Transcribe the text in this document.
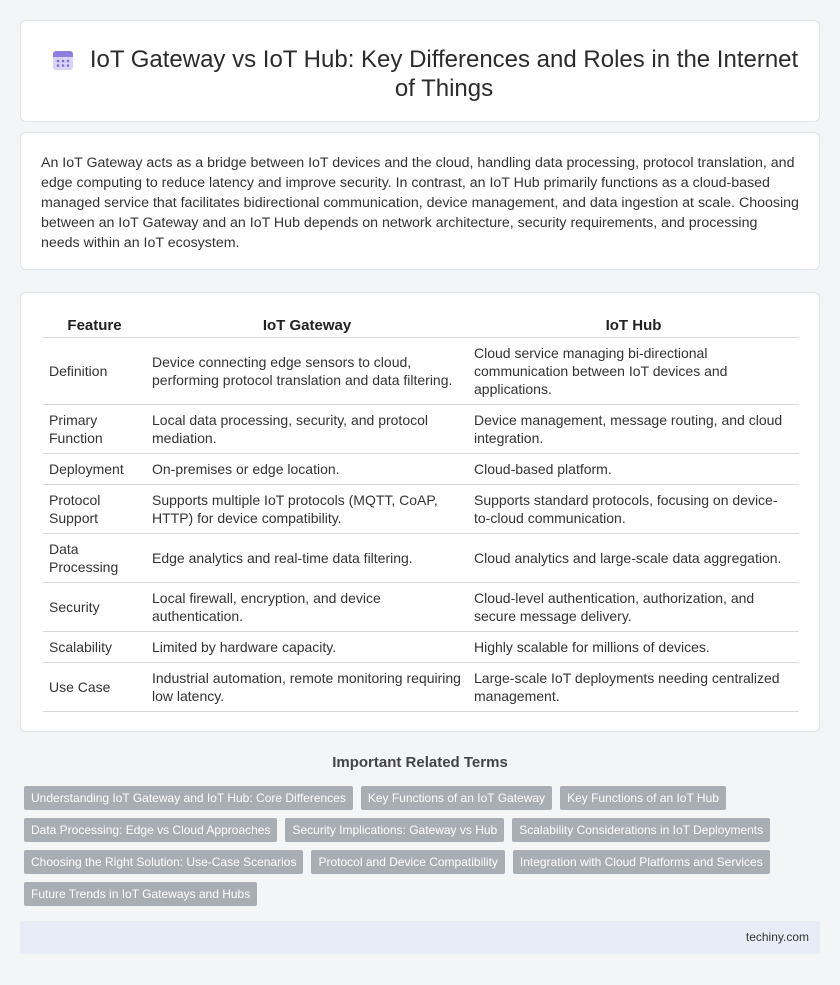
IoT Gateway vs IoT Hub: Key Differences and Roles in the Internet of Things

An IoT Gateway acts as a bridge between IoT devices and the cloud, handling data processing, protocol translation, and edge computing to reduce latency and improve security. In contrast, an IoT Hub primarily functions as a cloud-based managed service that facilitates bidirectional communication, device management, and data ingestion at scale. Choosing between an IoT Gateway and an IoT Hub depends on network architecture, security requirements, and processing needs within an IoT ecosystem.

Feature	IoT Gateway	IoT Hub
Definition	Device connecting edge sensors to cloud, performing protocol translation and data filtering.	Cloud service managing bi-directional communication between IoT devices and applications.
Primary Function	Local data processing, security, and protocol mediation.	Device management, message routing, and cloud integration.
Deployment	On-premises or edge location.	Cloud-based platform.
Protocol Support	Supports multiple IoT protocols (MQTT, CoAP, HTTP) for device compatibility.	Supports standard protocols, focusing on device-to-cloud communication.
Data Processing	Edge analytics and real-time data filtering.	Cloud analytics and large-scale data aggregation.
Security	Local firewall, encryption, and device authentication.	Cloud-level authentication, authorization, and secure message delivery.
Scalability	Limited by hardware capacity.	Highly scalable for millions of devices.
Use Case	Industrial automation, remote monitoring requiring low latency.	Large-scale IoT deployments needing centralized management.
Important Related Terms
Understanding IoT Gateway and IoT Hub: Core Differences	Key Functions of an IoT Gateway	Key Functions of an IoT Hub
Data Processing: Edge vs Cloud Approaches	Security Implications: Gateway vs Hub	Scalability Considerations in IoT Deployments
Choosing the Right Solution: Use-Case Scenarios	Protocol and Device Compatibility	Integration with Cloud Platforms and Services
Future Trends in IoT Gateways and Hubs
techiny.com
